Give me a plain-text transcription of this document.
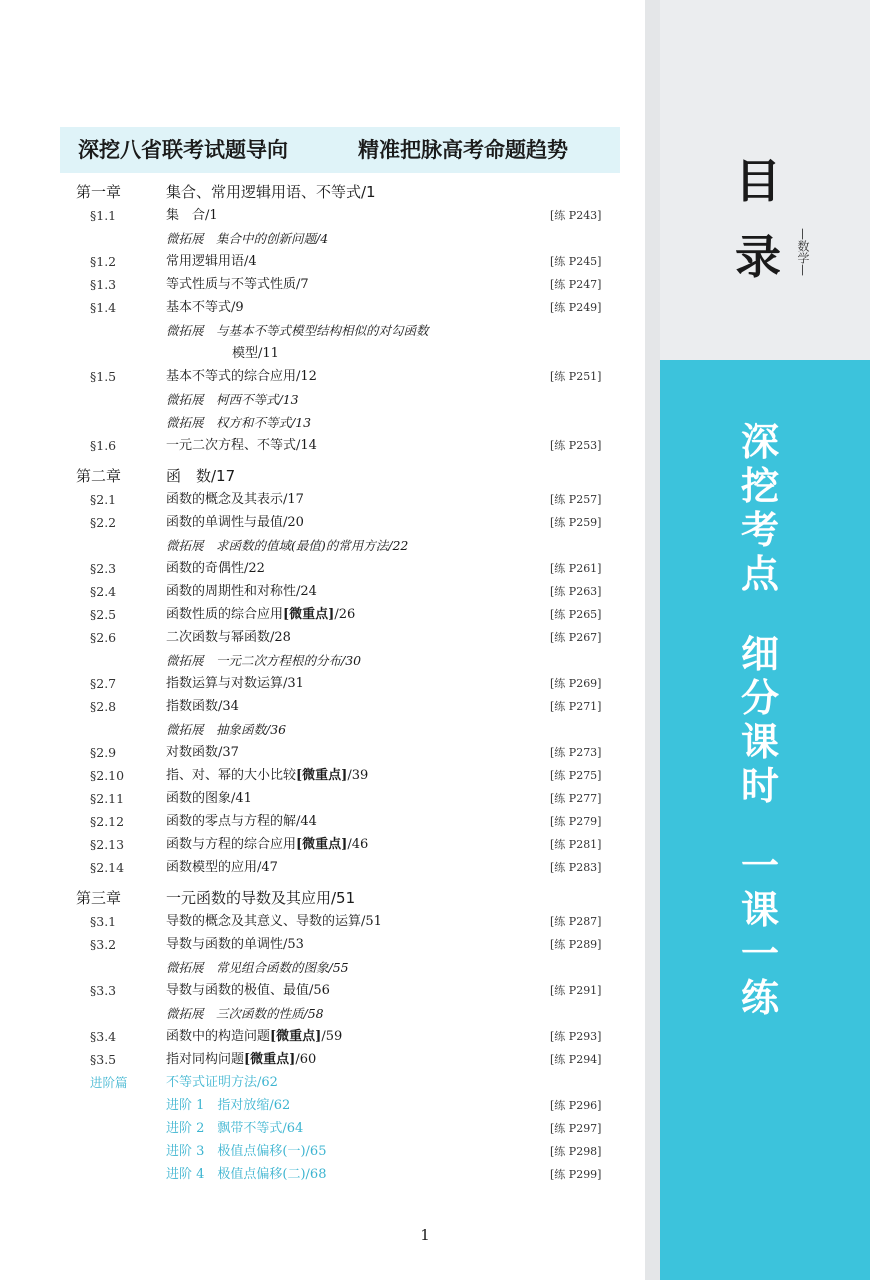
目
录	—数学—
深挖考点
细分课时
一课一练
深挖八省联考试题导向	精准把脉高考命题趋势
第一章	集合、常用逻辑用语、不等式/1
§1.1	集　合/1	[练 P243]
微拓展　集合中的创新问题/4
§1.2	常用逻辑用语/4	[练 P245]
§1.3	等式性质与不等式性质/7	[练 P247]
§1.4	基本不等式/9	[练 P249]
微拓展　与基本不等式模型结构相似的对勾函数
模型/11
§1.5	基本不等式的综合应用/12	[练 P251]
微拓展　柯西不等式/13
微拓展　权方和不等式/13
§1.6	一元二次方程、不等式/14	[练 P253]
第二章	函　数/17
§2.1	函数的概念及其表示/17	[练 P257]
§2.2	函数的单调性与最值/20	[练 P259]
微拓展　求函数的值域(最值)的常用方法/22
§2.3	函数的奇偶性/22	[练 P261]
§2.4	函数的周期性和对称性/24	[练 P263]
§2.5	函数性质的综合应用[微重点]/26	[练 P265]
§2.6	二次函数与幂函数/28	[练 P267]
微拓展　一元二次方程根的分布/30
§2.7	指数运算与对数运算/31	[练 P269]
§2.8	指数函数/34	[练 P271]
微拓展　抽象函数/36
§2.9	对数函数/37	[练 P273]
§2.10	指、对、幂的大小比较[微重点]/39	[练 P275]
§2.11	函数的图象/41	[练 P277]
§2.12	函数的零点与方程的解/44	[练 P279]
§2.13	函数与方程的综合应用[微重点]/46	[练 P281]
§2.14	函数模型的应用/47	[练 P283]
第三章	一元函数的导数及其应用/51
§3.1	导数的概念及其意义、导数的运算/51	[练 P287]
§3.2	导数与函数的单调性/53	[练 P289]
微拓展　常见组合函数的图象/55
§3.3	导数与函数的极值、最值/56	[练 P291]
微拓展　三次函数的性质/58
§3.4	函数中的构造问题[微重点]/59	[练 P293]
§3.5	指对同构问题[微重点]/60	[练 P294]
进阶篇	不等式证明方法/62
进阶 1　指对放缩/62	[练 P296]
进阶 2　飘带不等式/64	[练 P297]
进阶 3　极值点偏移(一)/65	[练 P298]
进阶 4　极值点偏移(二)/68	[练 P299]
1
